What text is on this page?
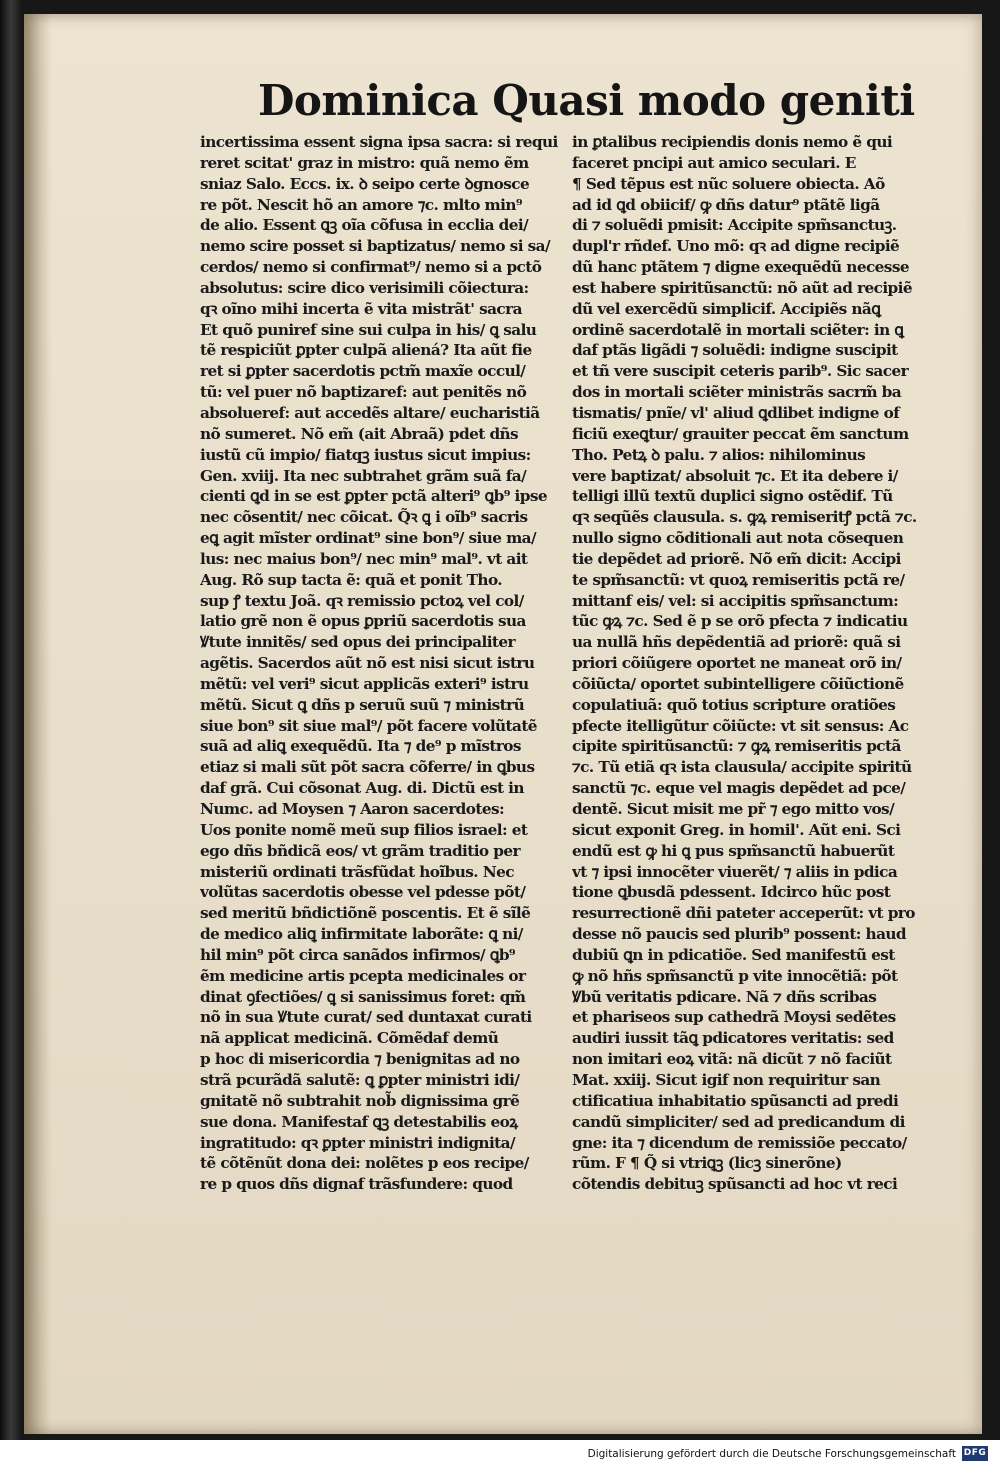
Dominica Quasi modo geniti
incertissima essent signa ipsa sacra: si requi
reret scitat' graz in mistro: quã nemo ẽm
sniaz Salo. Eccs. ix. ꝺ seipo certe ꝺgnosce
re põt. Nescit hõ an amore ⁊c. mlto min⁹
de alio. Essent ꝗꝫ oĩa cõfusa in ecclia dei/
nemo scire posset si baptizatus/ nemo si sa/
cerdos/ nemo si confirmat⁹/ nemo si a pctõ
absolutus: scire dico verisimili cõiectura:
qꝛ oĩno mihi incerta ẽ vita mistrãt' sacra
Et quõ puniref sine sui culpa in his/ ꝗ salu
tẽ respiciũt ꝑpter culpã aliená? Ita aũt fie
ret si ꝑpter sacerdotis pctm̃ maxĩe occul/
tũ: vel puer nõ baptizaref: aut penitẽs nõ
absolueref: aut accedẽs altare/ eucharistiã
nõ sumeret. Nõ em̃ (ait Abraã) pdet dñs
iustũ cũ impio/ fiatqꝫ iustus sicut impius:
Gen. xviij. Ita nec subtrahet grãm suã fa/
cienti ꝗd in se est ꝑpter pctã alteri⁹ ꝗb⁹ ipse
nec cõsentit/ nec cõicat. Q̃ꝛ ꝗ i oĩb⁹ sacris
eꝗ agit mĩster ordinat⁹ sine bon⁹/ siue ma/
lus: nec maius bon⁹/ nec min⁹ mal⁹. vt ait
Aug. Rõ sup tacta ẽ: quã et ponit Tho.
sup ꝭ textu Joã. qꝛ remissio pctoꝝ vel col/
latio grẽ non ẽ opus ꝑpriũ sacerdotis sua
Ꝟtute innitẽs/ sed opus dei principaliter
agẽtis. Sacerdos aũt nõ est nisi sicut istru
mẽtũ: vel veri⁹ sicut applicãs exteri⁹ istru
mẽtũ. Sicut ꝗ dñs p seruũ suũ ⁊ ministrũ
siue bon⁹ sit siue mal⁹/ põt facere volũtatẽ
suã ad aliꝗ exequẽdũ. Ita ⁊ de⁹ p mĩstros
etiaz si mali sũt põt sacra cõferre/ in ꝗbus
daf grã. Cui cõsonat Aug. di. Dictũ est in
Numc. ad Moysen ⁊ Aaron sacerdotes:
Uos ponite nomẽ meũ sup filios israel: et
ego dñs bñdicã eos/ vt grãm traditio per
misteriũ ordinati trãsfũdat hoĩbus. Nec
volũtas sacerdotis obesse vel pdesse põt/
sed meritũ bñdictiõnẽ poscentis. Et ẽ sĩlẽ
de medico aliꝗ infirmitate laborãte: ꝗ ni/
hil min⁹ põt circa sanãdos infirmos/ ꝗb⁹
ẽm medicine artis pcepta medicinales or
dinat ꝯfectiões/ ꝗ si sanissimus foret: qm̃
nõ in sua Ꝟtute curat/ sed duntaxat curati
nã applicat medicinã. Cõmẽdaf demũ
p hoc di misericordia ⁊ benignitas ad no
strã pcurãdã salutẽ: ꝗ ꝑpter ministri idi/
gnitatẽ nõ subtrahit nob̃ dignissima grẽ
sue dona. Manifestaf ꝗꝫ detestabilis eoꝝ
ingratitudo: qꝛ ꝑpter ministri indignita/
tẽ cõtẽnũt dona dei: nolẽtes p eos recipe/
re p quos dñs dignaf trãsfundere: quod
in ꝑtalibus recipiendis donis nemo ẽ qui
faceret pncipi aut amico seculari. E
¶ Sed tẽpus est nũc soluere obiecta. Aõ
ad id ꝗd obiicif/ ꝙ dñs datur⁹ ptãtẽ ligã
di ⁊ soluẽdi pmisit: Accipite spm̃sanctuꝫ.
dupl'r rñdef. Uno mõ: qꝛ ad digne recipiẽ
dũ hanc ptãtem ⁊ digne exequẽdũ necesse
est habere spiritũsanctũ: nõ aũt ad recipiẽ
dũ vel exercẽdũ simplicif. Accipiẽs nãꝗ
ordinẽ sacerdotalẽ in mortali sciẽter: in ꝗ
daf ptãs ligãdi ⁊ soluẽdi: indigne suscipit
et tñ vere suscipit ceteris parib⁹. Sic sacer
dos in mortali sciẽter ministrãs sacrm̃ ba
tismatis/ pnĩe/ vl' aliud ꝗdlibet indigne of
ficiũ exeꝗtur/ grauiter peccat ẽm sanctum
Tho. Petꝝ ꝺ palu. ⁊ alios: nihilominus
vere baptizat/ absoluit ⁊c. Et ita debere i/
telligi illũ textũ duplici signo ostẽdif. Tũ
qꝛ seqũẽs clausula. s. ꝙꝝ remiseritꝭ pctã ⁊c.
nullo signo cõditionali aut nota cõsequen
tie depẽdet ad priorẽ. Nõ em̃ dicit: Accipi
te spm̃sanctũ: vt quoꝝ remiseritis pctã re/
mittanf eis/ vel: si accipitis spm̃sanctum:
tũc ꝙꝝ ⁊c. Sed ẽ p se orõ pfecta ⁊ indicatiu
ua nullã hñs depẽdentiã ad priorẽ: quã si
priori cõiũgere oportet ne maneat orõ in/
cõiũcta/ oportet subintelligere cõiũctionẽ
copulatiuã: quõ totius scripture oratiões
pfecte itelligũtur cõiũcte: vt sit sensus: Ac
cipite spiritũsanctũ: ⁊ ꝙꝝ remiseritis pctã
⁊c. Tũ etiã qꝛ ista clausula/ accipite spiritũ
sanctũ ⁊c. eque vel magis depẽdet ad pce/
dentẽ. Sicut misit me pr̃ ⁊ ego mitto vos/
sicut exponit Greg. in homil'. Aũt eni. Sci
endũ est ꝙ hi ꝗ pus spm̃sanctũ habuerũt
vt ⁊ ipsi innocẽter viuerẽt/ ⁊ aliis in pdica
tione ꝗbusdã pdessent. Idcirco hũc post
resurrectionẽ dñi pateter acceperũt: vt pro
desse nõ paucis sed plurib⁹ possent: haud
dubiũ ꝗn in pdicatiõe. Sed manifestũ est
ꝙ nõ hñs spm̃sanctũ p vite innocẽtiã: põt
Ꝟbũ veritatis pdicare. Nã ⁊ dñs scribas
et phariseos sup cathedrã Moysi sedẽtes
audiri iussit tãꝗ pdicatores veritatis: sed
non imitari eoꝝ vitã: nã dicũt ⁊ nõ faciũt
Mat. xxiij. Sicut igif non requiritur san
ctificatiua inhabitatio spũsancti ad predi
candũ simpliciter/ sed ad predicandum di
gne: ita ⁊ dicendum de remissiõe peccato/
rũm. F ¶ Q̃ si vtriꝗꝫ (licꝫ sinerõne)
cõtendis debituꝫ spũsancti ad hoc vt reci
Digitalisierung gefördert durch die Deutsche Forschungsgemeinschaft DFG
